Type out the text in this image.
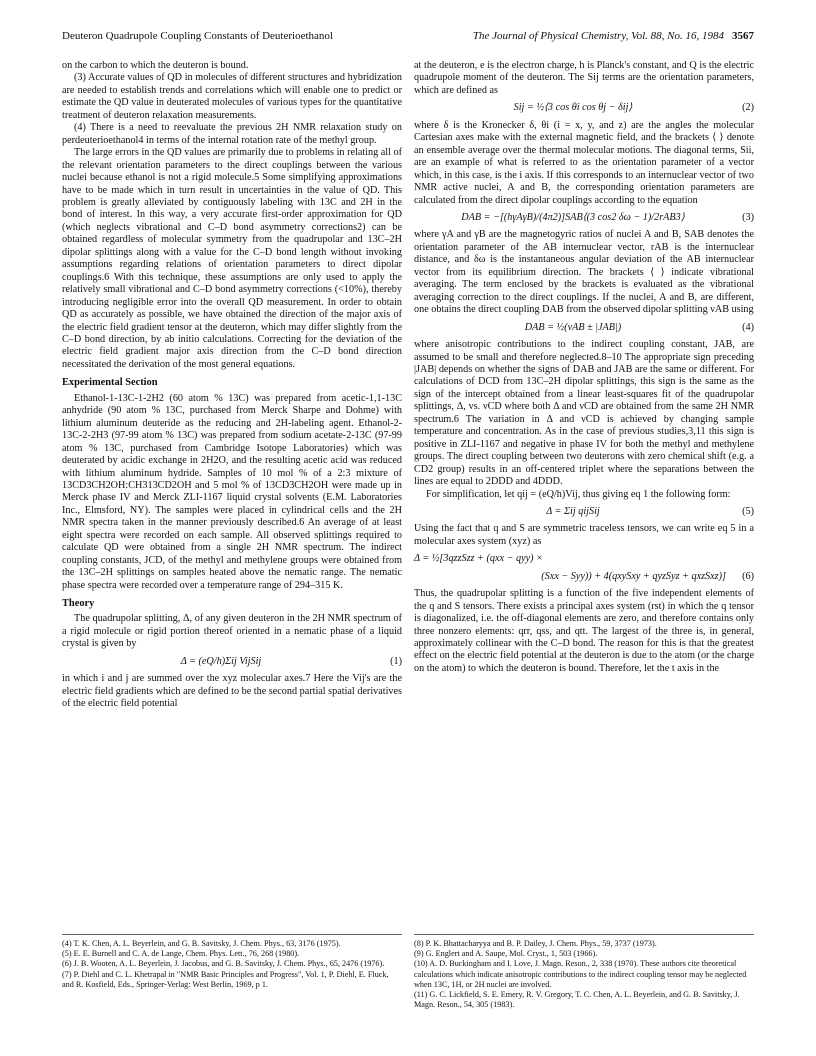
Deuteron Quadrupole Coupling Constants of Deuterioethanol	The Journal of Physical Chemistry, Vol. 88, No. 16, 1984 3567

on the carbon to which the deuteron is bound.

(3) Accurate values of QD in molecules of different structures and hybridization are needed to establish trends and correlations which will enable one to predict or estimate the QD value in deuterated molecules of various types for the quantitative treatment of deuteron relaxation measurements.

(4) There is a need to reevaluate the previous 2H NMR relaxation study on perdeuterioethanol4 in terms of the internal rotation rate of the methyl group.

The large errors in the QD values are primarily due to problems in relating all of the relevant orientation parameters to the direct couplings between the various nuclei because ethanol is not a rigid molecule.5 Some simplifying approximations have to be made which in turn result in uncertainties in the value of QD. This problem is greatly alleviated by contiguously labeling with 13C and 2H in the bond of interest. In this way, a very accurate first-order approximation for QD (which neglects vibrational and C–D bond asymmetry corrections2) can be obtained regardless of molecular symmetry from the quadrupolar and 13C–2H dipolar splittings along with a value for the C–D bond length without invoking assumptions regarding relations of orientation parameters to direct dipolar couplings.6 With this technique, these assumptions are only used to apply the relatively small vibrational and C–D bond asymmetry corrections (<10%), thereby introducing negligible error into the overall QD measurement. In order to obtain QD as accurately as possible, we have obtained the direction of the major axis of the electric field gradient tensor at the deuteron, which may differ slightly from the C–D bond direction, by ab initio calculations. Correcting for the deviation of the electric field gradient major axis direction from the C–D bond direction necessitated the derivation of the most general equations.

Experimental Section

Ethanol-1-13C-1-2H2 (60 atom % 13C) was prepared from acetic-1,1-13C anhydride (90 atom % 13C, purchased from Merck Sharpe and Dohme) with lithium aluminum deuteride as the reducing and 2H-labeling agent. Ethanol-2-13C-2-2H3 (97-99 atom % 13C) was prepared from sodium acetate-2-13C (97-99 atom % 13C, purchased from Cambridge Isotope Laboratories) which was deuterated by acidic exchange in 2H2O, and the resulting acetic acid was reduced with lithium aluminum hydride. Samples of 10 mol % of a 2:3 mixture of 13CD3CH2OH:CH313CD2OH and 5 mol % of 13CD3CH2OH were made up in Merck phase IV and Merck ZLI-1167 liquid crystal solvents (E.M. Laboratories Inc., Elmsford, NY). The samples were placed in cylindrical cells and the 2H NMR spectra taken in the manner previously described.6 An average of at least eight spectra were recorded on each sample. All observed splittings required to calculate QD were obtained from a single 2H NMR spectrum. The indirect coupling constants, JCD, of the methyl and methylene groups were obtained from the 13C–2H splittings on samples heated above the nematic range. The nematic phase spectra were recorded over a temperature range of 294–315 K.

Theory

The quadrupolar splitting, Δ, of any given deuteron in the 2H NMR spectrum of a rigid molecule or rigid portion thereof oriented in a nematic phase of a liquid crystal is given by

Δ = (eQ/h)Σij VijSij	(1)

in which i and j are summed over the xyz molecular axes.7 Here the Vij's are the electric field gradients which are defined to be the second partial spatial derivatives of the electric field potential

at the deuteron, e is the electron charge, h is Planck's constant, and Q is the electric quadrupole moment of the deuteron. The Sij terms are the orientation parameters, which are defined as

Sij = ½⟨3 cos θi cos θj − δij⟩	(2)

where δ is the Kronecker δ, θi (i = x, y, and z) are the angles the molecular Cartesian axes make with the external magnetic field, and the brackets ⟨ ⟩ denote an ensemble average over the thermal molecular motions. The diagonal terms, Sii, are an example of what is referred to as the orientation parameter of a vector which, in this case, is the i axis. If this corresponds to an internuclear vector of two NMR active nuclei, A and B, the corresponding orientation parameters are calculated from the direct dipolar couplings according to the equation

DAB = −[(hγAγB)/(4π2)]SAB⟨(3 cos2 δω − 1)/2rAB3⟩	(3)

where γA and γB are the magnetogyric ratios of nuclei A and B, SAB denotes the orientation parameter of the AB internuclear vector, rAB is the internuclear distance, and δω is the instantaneous angular deviation of the AB internuclear vector from its equilibrium direction. The brackets ⟨ ⟩ indicate vibrational averaging. The term enclosed by the brackets is evaluated as the vibrational averaging correction to the direct couplings. If the nuclei, A and B, are different, one obtains the direct coupling DAB from the observed dipolar splitting νAB using

DAB = ½(νAB ± |JAB|)	(4)

where anisotropic contributions to the indirect coupling constant, JAB, are assumed to be small and therefore neglected.8–10 The appropriate sign preceding |JAB| depends on whether the signs of DAB and JAB are the same or different. For calculations of DCD from 13C–2H dipolar splittings, this sign is the same as the sign of the intercept obtained from a linear least-squares fit of the quadrupolar splittings, Δ, vs. νCD where both Δ and νCD are obtained from the same 2H NMR spectrum.6 The variation in Δ and νCD is achieved by changing sample temperature and concentration. As in the case of previous studies,3,11 this sign is positive in ZLI-1167 and negative in phase IV for both the methyl and methylene groups. The direct coupling between two deuterons with zero chemical shift (e.g. a CD2 group) results in an off-centered triplet where the separations between the lines are equal to 2DDD and 4DDD.

For simplification, let qij = (eQ/h)Vij, thus giving eq 1 the following form:

Δ = Σij qijSij	(5)

Using the fact that q and S are symmetric traceless tensors, we can write eq 5 in a molecular axes system (xyz) as

Δ = ½[3qzzSzz + (qxx − qyy) ×
(Sxx − Syy)) + 4(qxySxy + qyzSyz + qxzSxz)]	(6)

Thus, the quadrupolar splitting is a function of the five independent elements of the q and S tensors. There exists a principal axes system (rst) in which the q tensor is diagonalized, i.e. the off-diagonal elements are zero, and therefore contains only three nonzero elements: qrr, qss, and qtt. The largest of the three is, in general, approximately collinear with the C–D bond. The reason for this is that the greatest effect on the electric field potential at the deuteron is due to the atom (or the charge on the atom) to which the deuteron is bound. Therefore, let the t axis in the

(4) T. K. Chen, A. L. Beyerlein, and G. B. Savitsky, J. Chem. Phys., 63, 3176 (1975).
(5) E. E. Burnell and C. A. de Lange, Chem. Phys. Lett., 76, 268 (1980).
(6) J. B. Wooten, A. L. Beyerlein, J. Jacobus, and G. B. Savitsky, J. Chem. Phys., 65, 2476 (1976).
(7) P. Diehl and C. L. Khetrapal in "NMR Basic Principles and Progress", Vol. 1, P. Diehl, E. Fluck, and R. Kosfield, Eds., Springer-Verlag: West Berlin, 1969, p 1.
(8) P. K. Bhattacharyya and B. P. Dailey, J. Chem. Phys., 59, 3737 (1973).
(9) G. Englert and A. Saupe, Mol. Cryst., 1, 503 (1966).
(10) A. D. Buckingham and I. Love, J. Magn. Reson., 2, 338 (1970). These authors cite theoretical calculations which indicate anisotropic contributions to the indirect coupling tensor may be neglected when 13C, 1H, or 2H nuclei are involved.
(11) G. C. Lickfield, S. E. Emery, R. V. Gregory, T. C. Chen, A. L. Beyerlein, and G. B. Savitsky, J. Magn. Reson., 54, 305 (1983).
